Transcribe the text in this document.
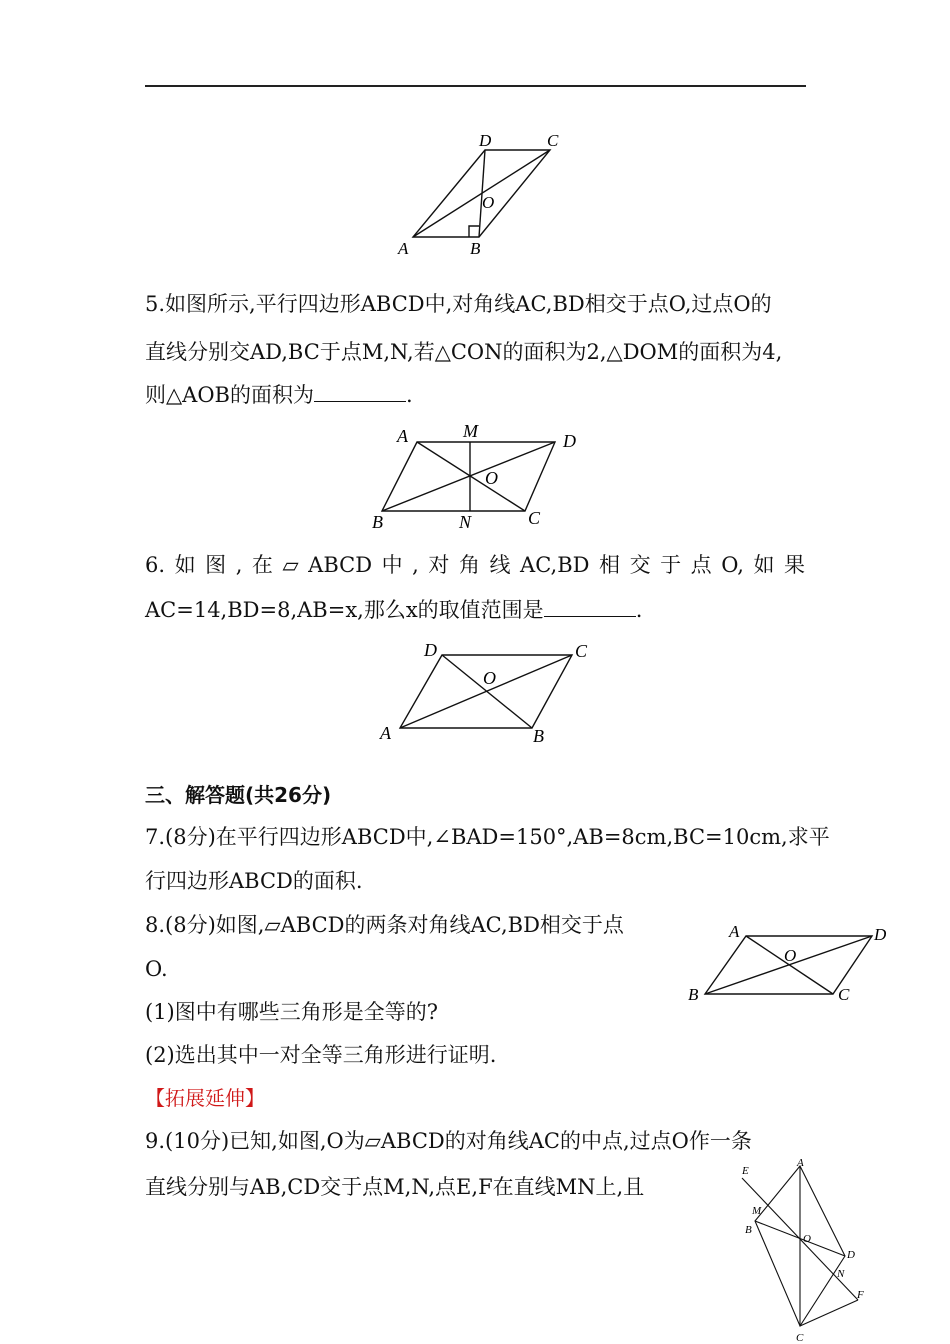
D	C
O
A	B
5.如图所示,平行四边形ABCD中,对角线AC,BD相交于点O,过点O的
直线分别交AD,BC于点M,N,若△CON的面积为2,△DOM的面积为4,
则△AOB的面积为	.
A	M	D
O
B	N	C
6. 如 图 , 在 ▱ ABCD 中 , 对 角 线 AC,BD 相 交 于 点 O, 如 果
AC=14,BD=8,AB=x,那么x的取值范围是	.
D	C
O
A	B
三、解答题(共26分)
7.(8分)在平行四边形ABCD中,∠BAD=150°,AB=8cm,BC=10cm,求平
行四边形ABCD的面积.
8.(8分)如图,▱ABCD的两条对角线AC,BD相交于点
O.
(1)图中有哪些三角形是全等的?
(2)选出其中一对全等三角形进行证明.
A	D
O
B	C
【拓展延伸】
9.(10分)已知,如图,O为▱ABCD的对角线AC的中点,过点O作一条
直线分别与AB,CD交于点M,N,点E,F在直线MN上,且
E
A
M
B
O
D
N
F
C
